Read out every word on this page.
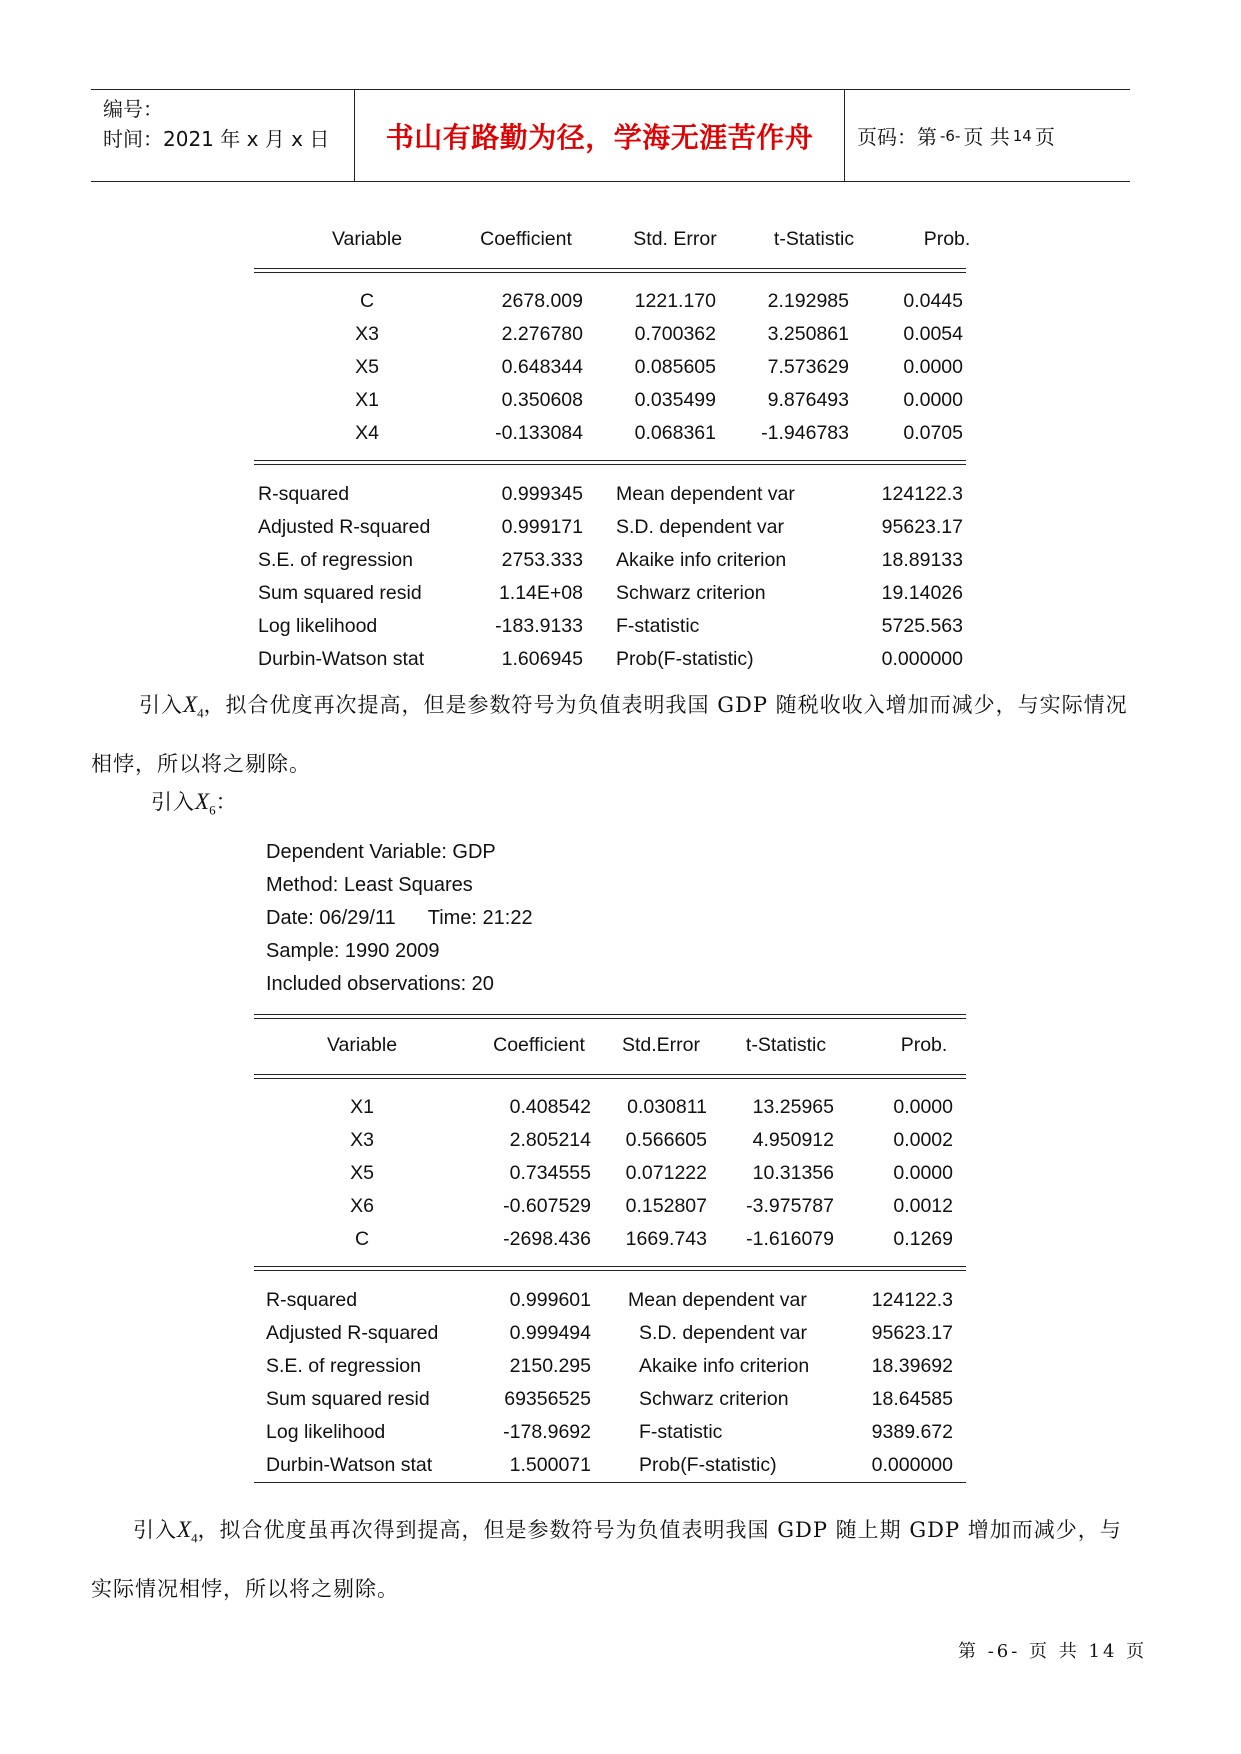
编号：
时间：2021 年 x 月 x 日	书山有路勤为径，学海无涯苦作舟	页码：第 -6- 页 共 14 页
Variable	Coefficient	Std. Error	t-Statistic	Prob.
C	2678.009	1221.170	2.192985	0.0445
X3	2.276780	0.700362	3.250861	0.0054
X5	0.648344	0.085605	7.573629	0.0000
X1	0.350608	0.035499	9.876493	0.0000
X4	-0.133084	0.068361 -1.946783	0.0705
R-squared	0.999345 Mean dependent var	124122.3
Adjusted R-squared	0.999171 S.D. dependent var	95623.17
S.E. of regression	2753.333 Akaike info criterion	18.89133
Sum squared resid	1.14E+08 Schwarz criterion	19.14026
Log likelihood	-183.9133 F-statistic	5725.563
Durbin-Watson stat	1.606945 Prob(F-statistic)	0.000000
引入$X_4$，拟合优度再次提高，但是参数符号为负值表明我国 GDP 随税收收入增加而减少，与实际情况相悖，所以将之剔除。
引入$X_6$：
Dependent Variable: GDP
Method: Least Squares
Date: 06/29/11 Time: 21:22
Sample: 1990 2009
Included observations: 20
Variable	Coefficient Std.Error t-Statistic	Prob.
X1	0.408542 0.030811 13.25965	0.0000
X3	2.805214 0.566605 4.950912	0.0002
X5	0.734555 0.071222 10.31356	0.0000
X6	-0.607529 0.152807 -3.975787	0.0012
C	-2698.436 1669.743 -1.616079	0.1269
R-squared	0.999601 Mean dependent var	124122.3
Adjusted R-squared	0.999494 S.D. dependent var	95623.17
S.E. of regression	2150.295 Akaike info criterion	18.39692
Sum squared resid	69356525 Schwarz criterion	18.64585
Log likelihood	-178.9692 F-statistic	9389.672
Durbin-Watson stat	1.500071 Prob(F-statistic)	0.000000
引入$X_4$，拟合优度虽再次得到提高，但是参数符号为负值表明我国 GDP 随上期 GDP 增加而减少，与实际情况相悖，所以将之剔除。
第 -6- 页 共 14 页
